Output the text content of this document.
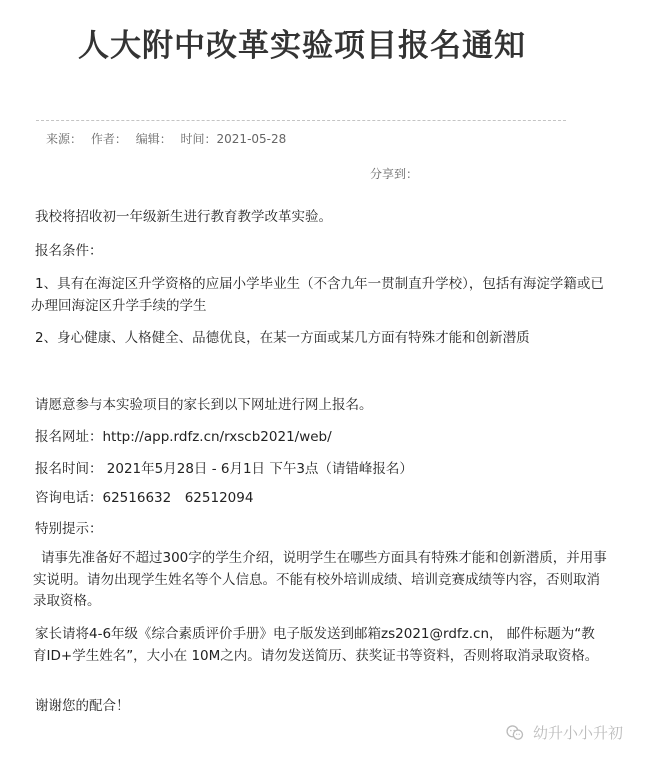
人大附中改革实验项目报名通知
来源： 作者： 编辑： 时间：2021-05-28
分享到：

我校将招收初一年级新生进行教育教学改革实验。

报名条件：

1、具有在海淀区升学资格的应届小学毕业生（不含九年一贯制直升学校），包括有海淀学籍或已办理回海淀区升学手续的学生

2、身心健康、人格健全、品德优良，在某一方面或某几方面有特殊才能和创新潜质

请愿意参与本实验项目的家长到以下网址进行网上报名。

报名网址：http://app.rdfz.cn/rxscb2021/web/

报名时间： 2021年5月28日 - 6月1日 下午3点（请错峰报名）

咨询电话：62516632　62512094

特别提示：

请事先准备好不超过300字的学生介绍，说明学生在哪些方面具有特殊才能和创新潜质，并用事实说明。请勿出现学生姓名等个人信息。不能有校外培训成绩、培训竞赛成绩等内容，否则取消录取资格。

家长请将4-6年级《综合素质评价手册》电子版发送到邮箱zs2021@rdfz.cn， 邮件标题为“教育ID+学生姓名”，大小在 10M之内。请勿发送简历、获奖证书等资料，否则将取消录取资格。

谢谢您的配合！

幼升小小升初
